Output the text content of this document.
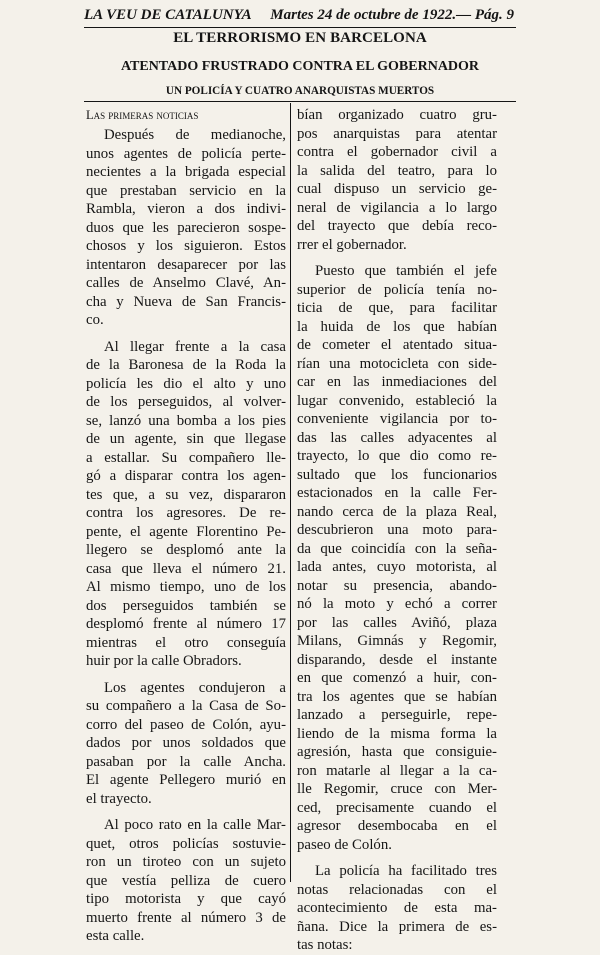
LA VEU DE CATALUNYA Martes 24 de octubre de 1922.— Pág. 9
EL TERRORISMO EN BARCELONA
ATENTADO FRUSTRADO CONTRA EL GOBERNADOR
UN POLICÍA Y CUATRO ANARQUISTAS MUERTOS
Las primeras noticias
Después de medianoche,
unos agentes de policía perte-
necientes a la brigada especial
que prestaban servicio en la
Rambla, vieron a dos indivi-
duos que les parecieron sospe-
chosos y los siguieron. Estos
intentaron desaparecer por las
calles de Anselmo Clavé, An-
cha y Nueva de San Francis-
co.
Al llegar frente a la casa
de la Baronesa de la Roda la
policía les dio el alto y uno
de los perseguidos, al volver-
se, lanzó una bomba a los pies
de un agente, sin que llegase
a estallar. Su compañero lle-
gó a disparar contra los agen-
tes que, a su vez, dispararon
contra los agresores. De re-
pente, el agente Florentino Pe-
llegero se desplomó ante la
casa que lleva el número 21.
Al mismo tiempo, uno de los
dos perseguidos también se
desplomó frente al número 17
mientras el otro conseguía
huir por la calle Obradors.
Los agentes condujeron a
su compañero a la Casa de So-
corro del paseo de Colón, ayu-
dados por unos soldados que
pasaban por la calle Ancha.
El agente Pellegero murió en
el trayecto.
Al poco rato en la calle Mar-
quet, otros policías sostuvie-
ron un tiroteo con un sujeto
que vestía pelliza de cuero
tipo motorista y que cayó
muerto frente al número 3 de
esta calle.
bían organizado cuatro gru-
pos anarquistas para atentar
contra el gobernador civil a
la salida del teatro, para lo
cual dispuso un servicio ge-
neral de vigilancia a lo largo
del trayecto que debía reco-
rrer el gobernador.
Puesto que también el jefe
superior de policía tenía no-
ticia de que, para facilitar
la huida de los que habían
de cometer el atentado situa-
rían una motocicleta con side-
car en las inmediaciones del
lugar convenido, estableció la
conveniente vigilancia por to-
das las calles adyacentes al
trayecto, lo que dio como re-
sultado que los funcionarios
estacionados en la calle Fer-
nando cerca de la plaza Real,
descubrieron una moto para-
da que coincidía con la seña-
lada antes, cuyo motorista, al
notar su presencia, abando-
nó la moto y echó a correr
por las calles Aviñó, plaza
Milans, Gimnás y Regomir,
disparando, desde el instante
en que comenzó a huir, con-
tra los agentes que se habían
lanzado a perseguirle, repe-
liendo de la misma forma la
agresión, hasta que consiguie-
ron matarle al llegar a la ca-
lle Regomir, cruce con Mer-
ced, precisamente cuando el
agresor desembocaba en el
paseo de Colón.
La policía ha facilitado tres
notas relacionadas con el
acontecimiento de esta ma-
ñana. Dice la primera de es-
tas notas:
